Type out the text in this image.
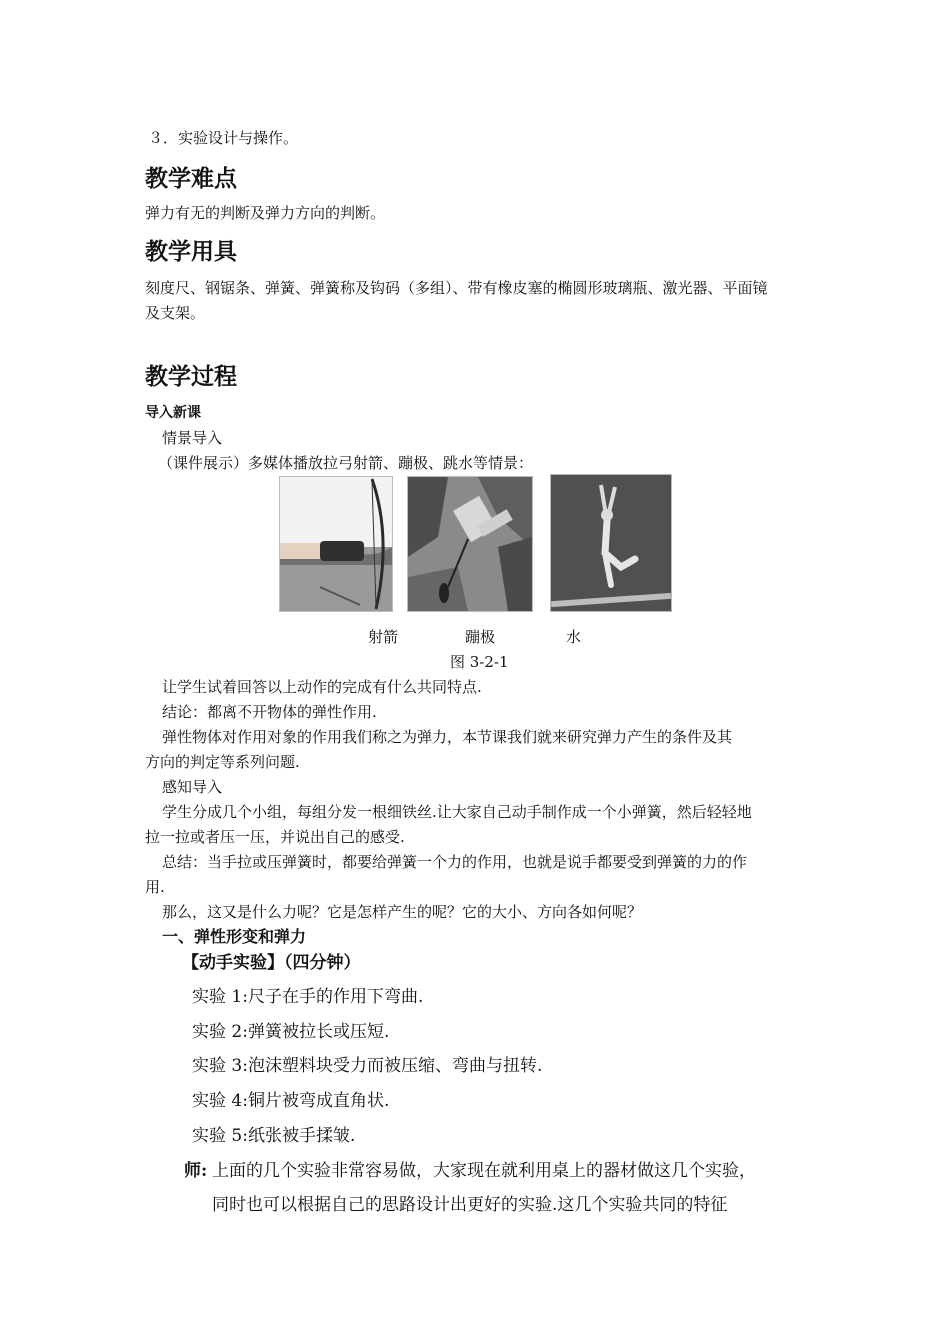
３．实验设计与操作。
教学难点
弹力有无的判断及弹力方向的判断。
教学用具
刻度尺、钢锯条、弹簧、弹簧称及钩码（多组）、带有橡皮塞的椭圆形玻璃瓶、激光器、平面镜
及支架。
教学过程
导入新课
情景导入
（课件展示）多媒体播放拉弓射箭、蹦极、跳水等情景：
射箭	蹦极	水
图 3-2-1
让学生试着回答以上动作的完成有什么共同特点.
结论：都离不开物体的弹性作用.
弹性物体对作用对象的作用我们称之为弹力，本节课我们就来研究弹力产生的条件及其
方向的判定等系列问题.
感知导入
学生分成几个小组，每组分发一根细铁丝.让大家自己动手制作成一个小弹簧，然后轻轻地
拉一拉或者压一压，并说出自己的感受.
总结：当手拉或压弹簧时，都要给弹簧一个力的作用，也就是说手都要受到弹簧的力的作
用.
那么，这又是什么力呢？它是怎样产生的呢？它的大小、方向各如何呢？
一、弹性形变和弹力
【动手实验】（四分钟）
实验 1:尺子在手的作用下弯曲.
实验 2:弹簧被拉长或压短.
实验 3:泡沫塑料块受力而被压缩、弯曲与扭转.
实验 4:铜片被弯成直角状.
实验 5:纸张被手揉皱.
师: 上面的几个实验非常容易做，大家现在就利用桌上的器材做这几个实验，
同时也可以根据自己的思路设计出更好的实验.这几个实验共同的特征
